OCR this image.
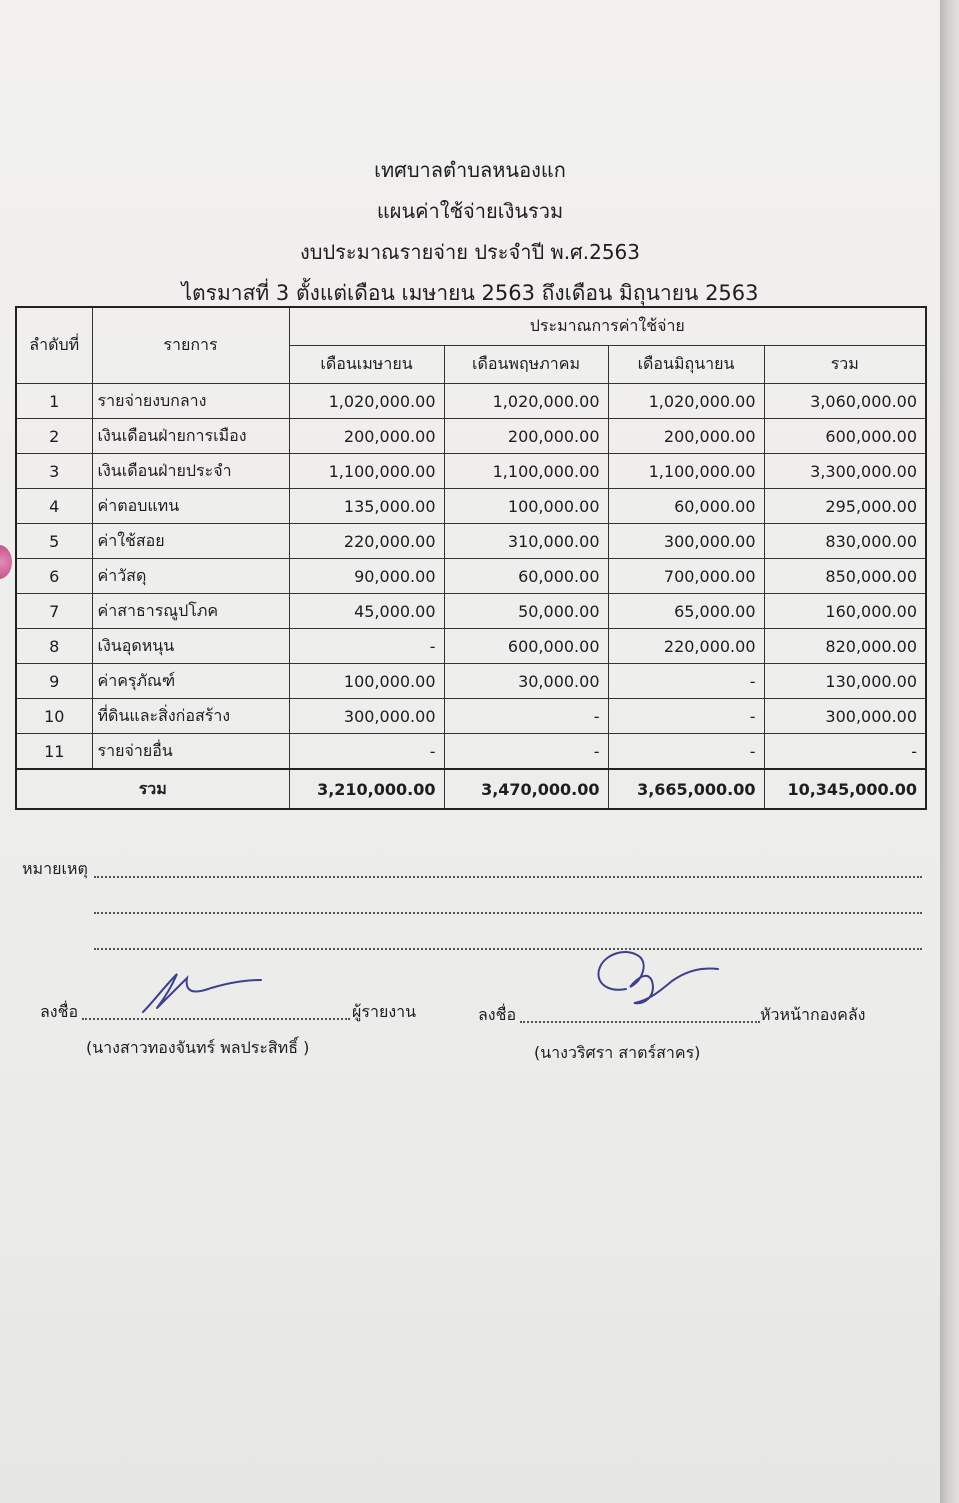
เทศบาลตำบลหนองแก
แผนค่าใช้จ่ายเงินรวม
งบประมาณรายจ่าย ประจำปี พ.ศ.2563
ไตรมาสที่ 3 ตั้งแต่เดือน เมษายน 2563 ถึงเดือน มิถุนายน 2563
ลำดับที่	รายการ	ประมาณการค่าใช้จ่าย			
		เดือนเมษายน	เดือนพฤษภาคม	เดือนมิถุนายน	รวม
1	รายจ่ายงบกลาง	1,020,000.00	1,020,000.00	1,020,000.00	3,060,000.00
2	เงินเดือนฝ่ายการเมือง	200,000.00	200,000.00	200,000.00	600,000.00
3	เงินเดือนฝ่ายประจำ	1,100,000.00	1,100,000.00	1,100,000.00	3,300,000.00
4	ค่าตอบแทน	135,000.00	100,000.00	60,000.00	295,000.00
5	ค่าใช้สอย	220,000.00	310,000.00	300,000.00	830,000.00
6	ค่าวัสดุ	90,000.00	60,000.00	700,000.00	850,000.00
7	ค่าสาธารณูปโภค	45,000.00	50,000.00	65,000.00	160,000.00
8	เงินอุดหนุน	-	600,000.00	220,000.00	820,000.00
9	ค่าครุภัณฑ์	100,000.00	30,000.00	-	130,000.00
10	ที่ดินและสิ่งก่อสร้าง	300,000.00	-	-	300,000.00
11	รายจ่ายอื่น	-	-	-	-
รวม		3,210,000.00	3,470,000.00	3,665,000.00	10,345,000.00
หมายเหตุ
ลงชื่อ	ผู้รายงาน
(นางสาวทองจันทร์ พลประสิทธิ์ )
ลงชื่อ	หัวหน้ากองคลัง
(นางวริศรา สาตร์สาคร)
